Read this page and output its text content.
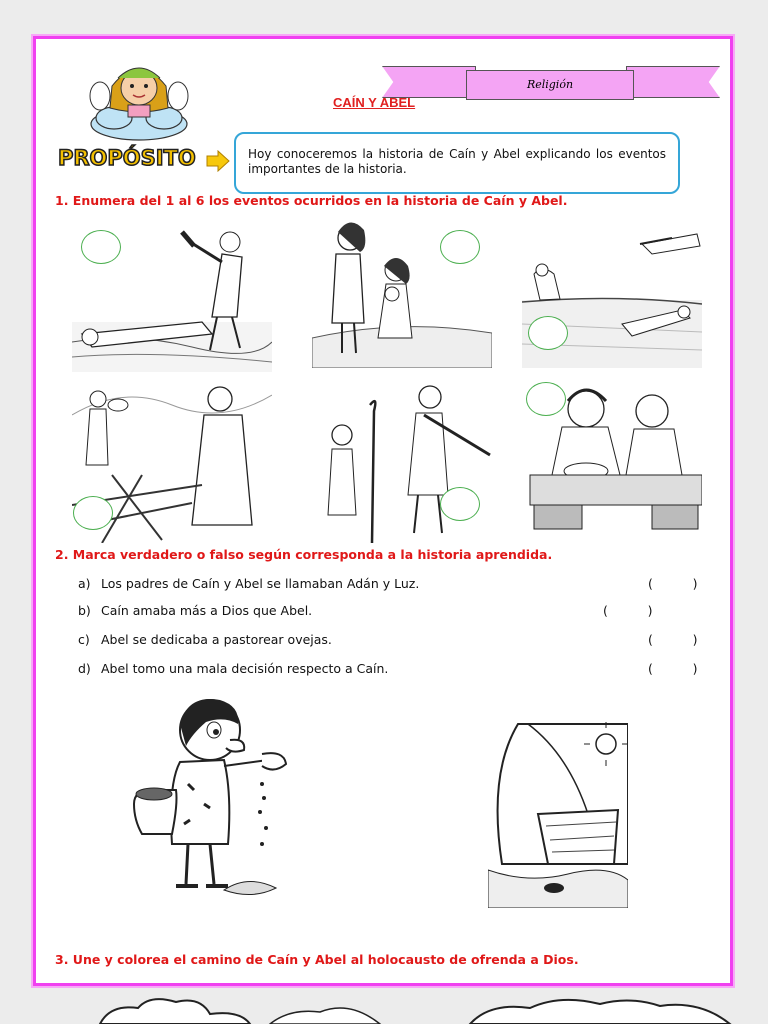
Religión
CAÍN Y ABEL
PROPÓSITO	Hoy conoceremos la historia de Caín y Abel explicando los eventos importantes de la historia.
1. Enumera del 1 al 6 los eventos ocurridos en la historia de Caín y Abel.
2. Marca verdadero o falso según corresponda a la historia aprendida.
a) Los padres de Caín y Abel se llamaban Adán y Luz.	(          )
b) Caín amaba más a Dios que Abel.	(          )
c) Abel se dedicaba a pastorear ovejas.	(          )
d) Abel tomo una mala decisión respecto a Caín.	(          )
3. Une y colorea el camino de Caín y Abel al holocausto de ofrenda a Dios.
